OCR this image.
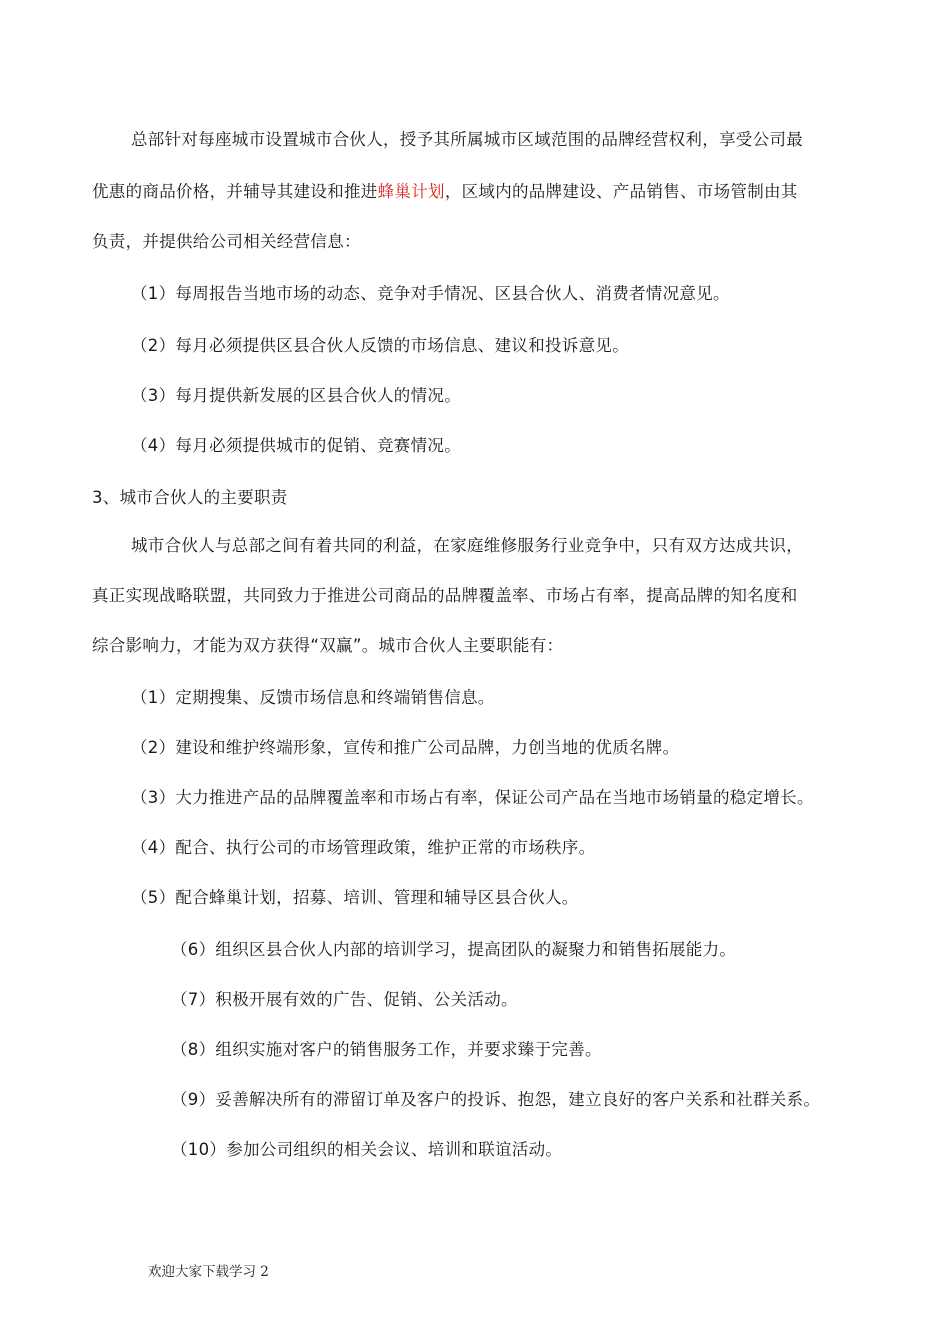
总部针对每座城市设置城市合伙人，授予其所属城市区域范围的品牌经营权利，享受公司最
优惠的商品价格，并辅导其建设和推进蜂巢计划，区域内的品牌建设、产品销售、市场管制由其
负责，并提供给公司相关经营信息：
（1）每周报告当地市场的动态、竞争对手情况、区县合伙人、消费者情况意见。
（2）每月必须提供区县合伙人反馈的市场信息、建议和投诉意见。
（3）每月提供新发展的区县合伙人的情况。
（4）每月必须提供城市的促销、竞赛情况。
3、城市合伙人的主要职责
城市合伙人与总部之间有着共同的利益，在家庭维修服务行业竞争中，只有双方达成共识，
真正实现战略联盟，共同致力于推进公司商品的品牌覆盖率、市场占有率，提高品牌的知名度和
综合影响力，才能为双方获得“双赢”。城市合伙人主要职能有：
（1）定期搜集、反馈市场信息和终端销售信息。
（2）建设和维护终端形象，宣传和推广公司品牌，力创当地的优质名牌。
（3）大力推进产品的品牌覆盖率和市场占有率，保证公司产品在当地市场销量的稳定增长。
（4）配合、执行公司的市场管理政策，维护正常的市场秩序。
（5）配合蜂巢计划，招募、培训、管理和辅导区县合伙人。
（6）组织区县合伙人内部的培训学习，提高团队的凝聚力和销售拓展能力。
（7）积极开展有效的广告、促销、公关活动。
（8）组织实施对客户的销售服务工作，并要求臻于完善。
（9）妥善解决所有的滞留订单及客户的投诉、抱怨，建立良好的客户关系和社群关系。
（10）参加公司组织的相关会议、培训和联谊活动。
欢迎大家下载学习 2
